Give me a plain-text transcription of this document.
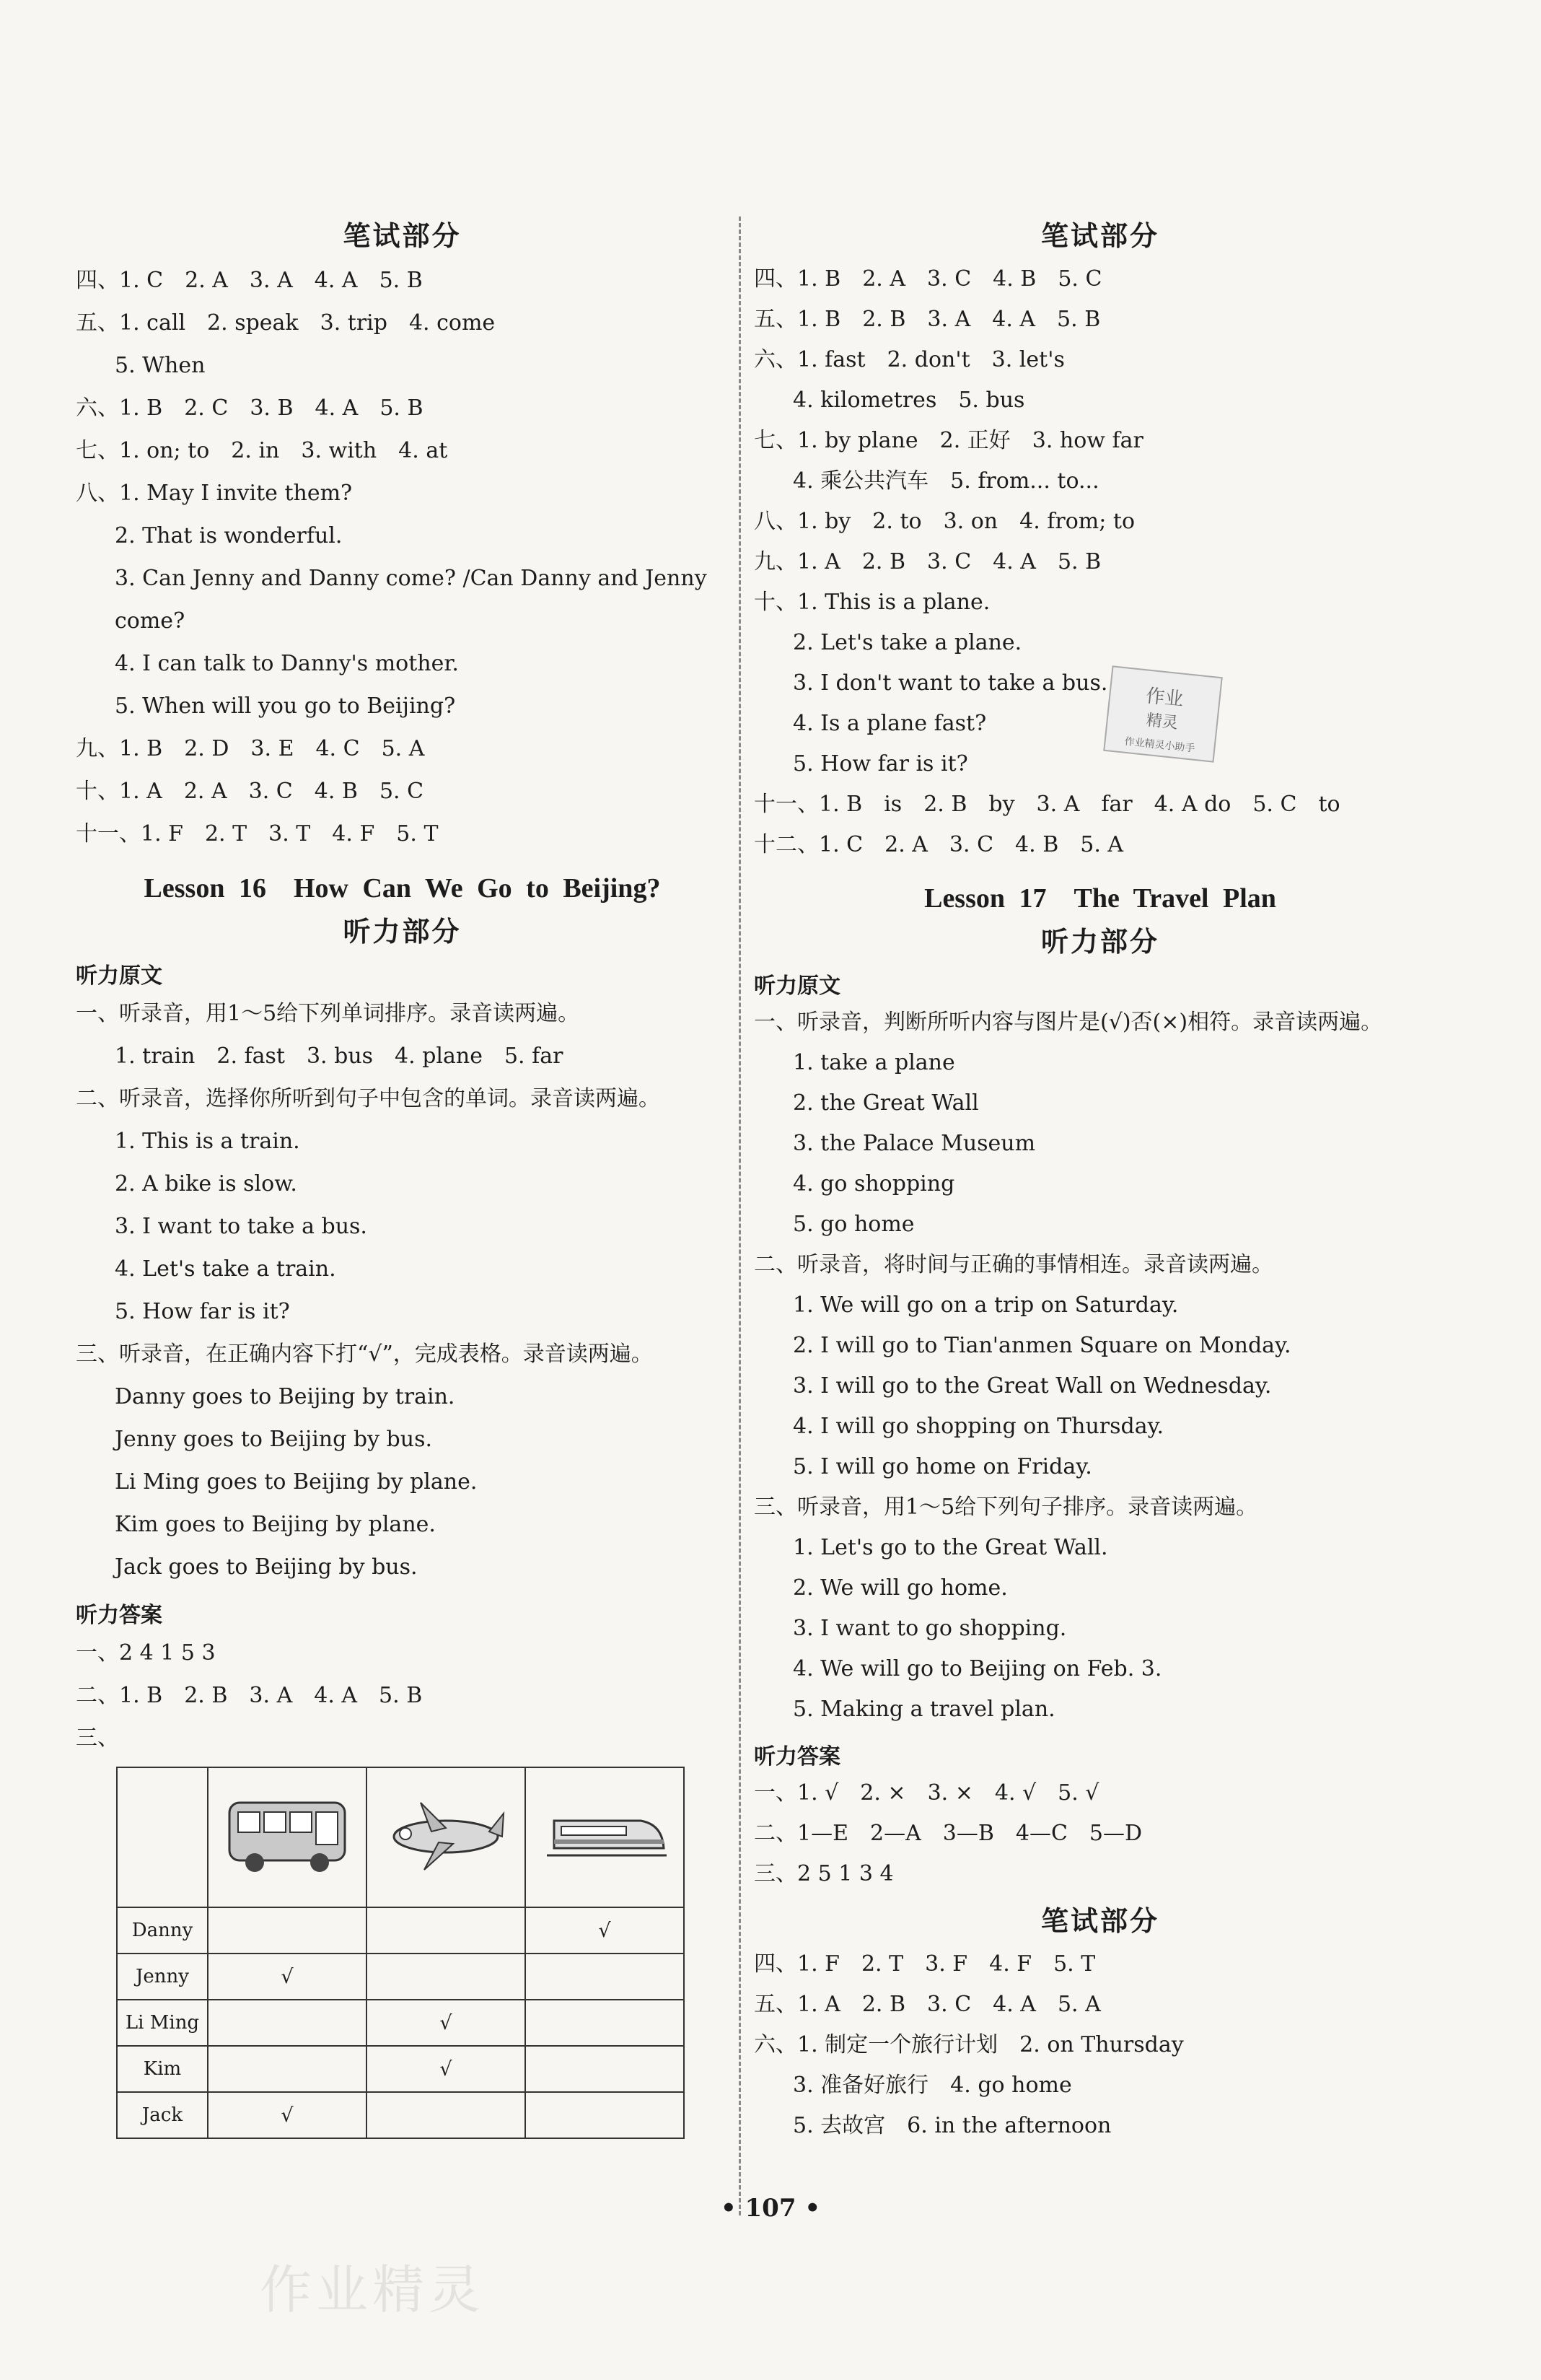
笔试部分
四、1. C　2. A　3. A　4. A　5. B
五、1. call　2. speak　3. trip　4. come
5. When
六、1. B　2. C　3. B　4. A　5. B
七、1. on; to　2. in　3. with　4. at
八、1. May I invite them?
2. That is wonderful.
3. Can Jenny and Danny come? /Can Danny and Jenny come?
4. I can talk to Danny's mother.
5. When will you go to Beijing?
九、1. B　2. D　3. E　4. C　5. A
十、1. A　2. A　3. C　4. B　5. C
十一、1. F　2. T　3. T　4. F　5. T
Lesson 16　How Can We Go to Beijing?
听力部分
听力原文
一、听录音，用1～5给下列单词排序。录音读两遍。
1. train　2. fast　3. bus　4. plane　5. far
二、听录音，选择你所听到句子中包含的单词。录音读两遍。
1. This is a train.
2. A bike is slow.
3. I want to take a bus.
4. Let's take a train.
5. How far is it?
三、听录音，在正确内容下打“√”，完成表格。录音读两遍。
Danny goes to Beijing by train.
Jenny goes to Beijing by bus.
Li Ming goes to Beijing by plane.
Kim goes to Beijing by plane.
Jack goes to Beijing by bus.
听力答案
一、2 4 1 5 3
二、1. B　2. B　3. A　4. A　5. B
三、

Danny			√
Jenny	√		
Li Ming		√	
Kim		√	
Jack	√		
笔试部分
四、1. B　2. A　3. C　4. B　5. C
五、1. B　2. B　3. A　4. A　5. B
六、1. fast　2. don't　3. let's
4. kilometres　5. bus
七、1. by plane　2. 正好　3. how far
4. 乘公共汽车　5. from... to...
八、1. by　2. to　3. on　4. from; to
九、1. A　2. B　3. C　4. A　5. B
十、1. This is a plane.
2. Let's take a plane.
3. I don't want to take a bus.
4. Is a plane fast?
5. How far is it?
十一、1. B　is　2. B　by　3. A　far　4. A do　5. C　to
十二、1. C　2. A　3. C　4. B　5. A
Lesson 17　The Travel Plan
听力部分
听力原文
一、听录音，判断所听内容与图片是(√)否(×)相符。录音读两遍。
1. take a plane
2. the Great Wall
3. the Palace Museum
4. go shopping
5. go home
二、听录音，将时间与正确的事情相连。录音读两遍。
1. We will go on a trip on Saturday.
2. I will go to Tian'anmen Square on Monday.
3. I will go to the Great Wall on Wednesday.
4. I will go shopping on Thursday.
5. I will go home on Friday.
三、听录音，用1～5给下列句子排序。录音读两遍。
1. Let's go to the Great Wall.
2. We will go home.
3. I want to go shopping.
4. We will go to Beijing on Feb. 3.
5. Making a travel plan.
听力答案
一、1. √　2. ×　3. ×　4. √　5. √
二、1—E　2—A　3—B　4—C　5—D
三、2 5 1 3 4
笔试部分
四、1. F　2. T　3. F　4. F　5. T
五、1. A　2. B　3. C　4. A　5. A
六、1. 制定一个旅行计划　2. on Thursday
3. 准备好旅行　4. go home
5. 去故宫　6. in the afternoon
作业
精灵
作业精灵小助手
• 107 •
作业精灵
